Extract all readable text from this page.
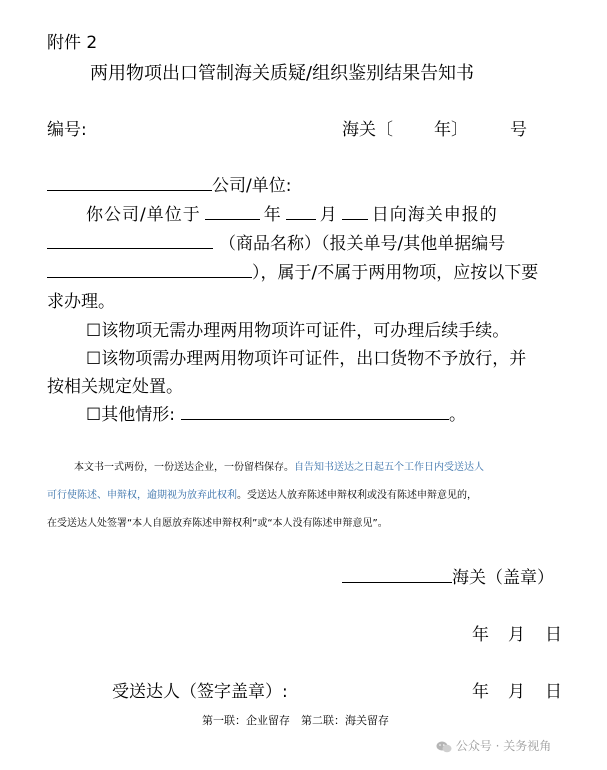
附件 2
两用物项出口管制海关质疑/组织鉴别结果告知书
编号:	海关〔 年〕 号
公司/单位:
你公司/单位于	年 月 日向海关申报的
（商品名称）（报关单号/其他单据编号
），属于/不属于两用物项，应按以下要
求办理。
☐该物项无需办理两用物项许可证件，可办理后续手续。
☐该物项需办理两用物项许可证件，出口货物不予放行，并
按相关规定处置。
☐其他情形:	。
本文书一式两份，一份送达企业，一份留档保存。自告知书送达之日起五个工作日内受送达人
可行使陈述、申辩权，逾期视为放弃此权利。受送达人放弃陈述申辩权利或没有陈述申辩意见的，
在受送达人处签署“本人自愿放弃陈述申辩权利”或“本人没有陈述申辩意见”。
海关（盖章）
年 月 日
受送达人（签字盖章）:	年 月 日
第一联：企业留存　第二联：海关留存
公众号 · 关务视角
